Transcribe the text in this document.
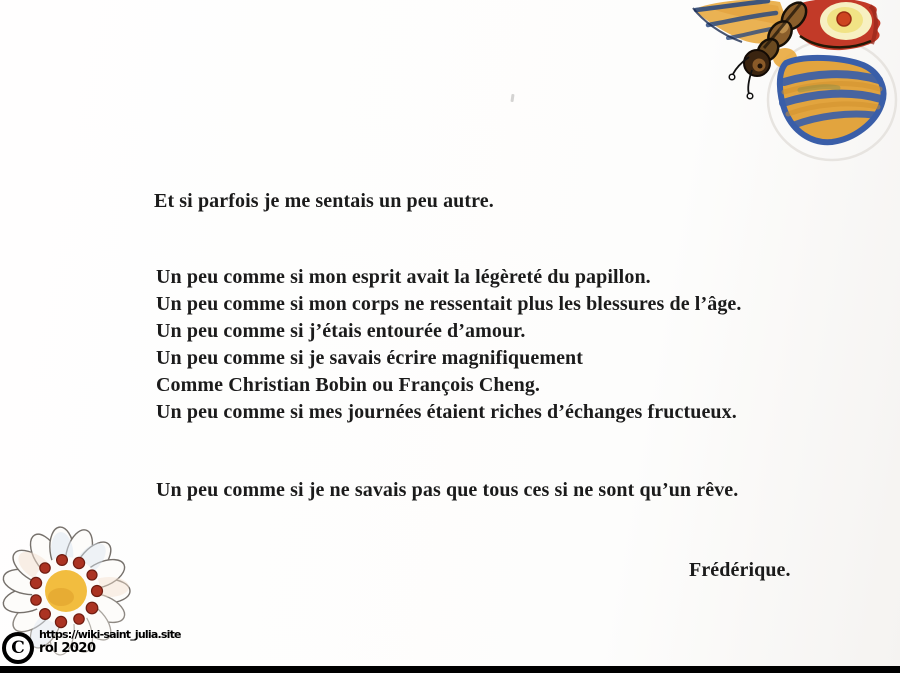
Et si parfois je me sentais un peu autre.
Un peu comme si mon esprit avait la légèreté du papillon.
Un peu comme si mon corps ne ressentait plus les blessures de l’âge.
Un peu comme si j’étais entourée d’amour.
Un peu comme si je savais écrire magnifiquement
Comme Christian Bobin ou François Cheng.
Un peu comme si mes journées étaient riches d’échanges fructueux.
Un peu comme si je ne savais pas que tous ces si ne sont qu’un rêve.
Frédérique.
C
https://wiki-saint_julia.site
rol 2020
